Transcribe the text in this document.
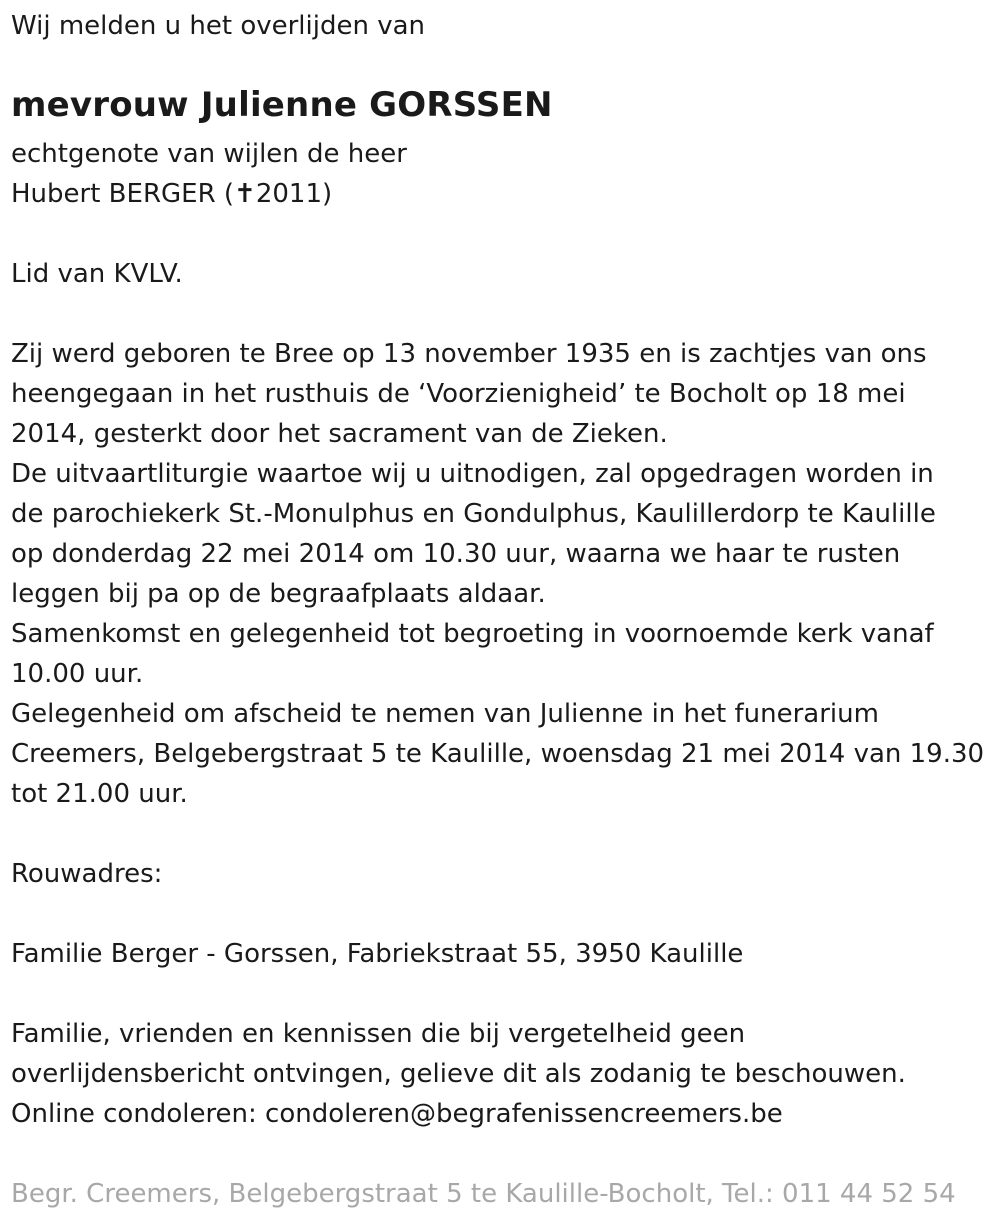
Wij melden u het overlijden van

mevrouw Julienne GORSSEN

echtgenote van wijlen de heer

Hubert BERGER (✝2011)

Lid van KVLV.

Zij werd geboren te Bree op 13 november 1935 en is zachtjes van ons

heengegaan in het rusthuis de ‘Voorzienigheid’ te Bocholt op 18 mei

2014, gesterkt door het sacrament van de Zieken.

De uitvaartliturgie waartoe wij u uitnodigen, zal opgedragen worden in

de parochiekerk St.-Monulphus en Gondulphus, Kaulillerdorp te Kaulille

op donderdag 22 mei 2014 om 10.30 uur, waarna we haar te rusten

leggen bij pa op de begraafplaats aldaar.

Samenkomst en gelegenheid tot begroeting in voornoemde kerk vanaf

10.00 uur.

Gelegenheid om afscheid te nemen van Julienne in het funerarium

Creemers, Belgebergstraat 5 te Kaulille, woensdag 21 mei 2014 van 19.30

tot 21.00 uur.

Rouwadres:

Familie Berger - Gorssen, Fabriekstraat 55, 3950 Kaulille

Familie, vrienden en kennissen die bij vergetelheid geen

overlijdensbericht ontvingen, gelieve dit als zodanig te beschouwen.

Online condoleren: condoleren@begrafenissencreemers.be

Begr. Creemers, Belgebergstraat 5 te Kaulille-Bocholt, Tel.: 011 44 52 54
